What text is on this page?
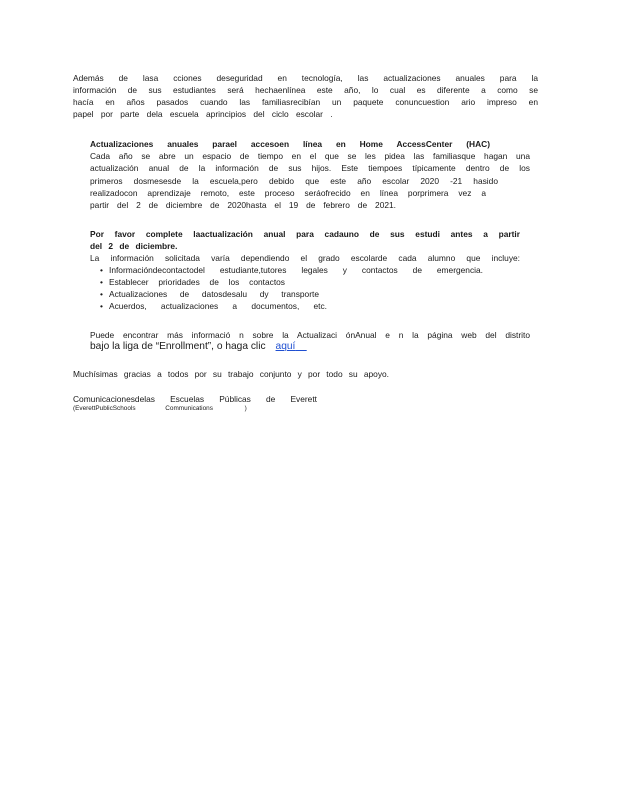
Además de lasa cciones deseguridad en tecnología, las actualizaciones anuales para la
información de sus estudiantes será hechaenlínea este año, lo cual es diferente a como se
hacía en años pasados cuando las familiasrecibían un paquete conuncuestion ario impreso en
papel por parte dela escuela aprincipios del ciclo escolar .
Actualizaciones anuales parael accesoen línea en Home AccessCenter (HAC)
Cada año se abre un espacio de tiempo en el que se les pidea las familiasque hagan una
actualización anual de la información de sus hijos. Este tiempoes típicamente dentro de los
primeros dosmesesde la escuela,pero debido que este año escolar 2020 -21 hasido
realizadocon aprendizaje remoto, este proceso seráofrecido en línea porprimera vez a
partir del 2 de diciembre de 2020hasta el 19 de febrero de 2021.
Por favor complete laactualización anual para cadauno de sus estudi antes a partir
del 2 de diciembre.
La información solicitada varía dependiendo el grado escolarde cada alumno que incluye:
• Informacióndecontactodel estudiante,tutores legales y contactos de emergencia.
• Establecer prioridades de los contactos
• Actualizaciones de datosdesalu dy transporte
• Acuerdos, actualizaciones a documentos, etc.
Puede encontrar más informació n sobre la Actualizaci ónAnual e n la página web del distrito
bajo la liga de “Enrollment”, o haga clic aquí
Muchísimas gracias a todos por su trabajo conjunto y por todo su apoyo.
Comunicacionesdelas Escuelas Públicas de Everett
(EverettPublicSchools	Communications	)
